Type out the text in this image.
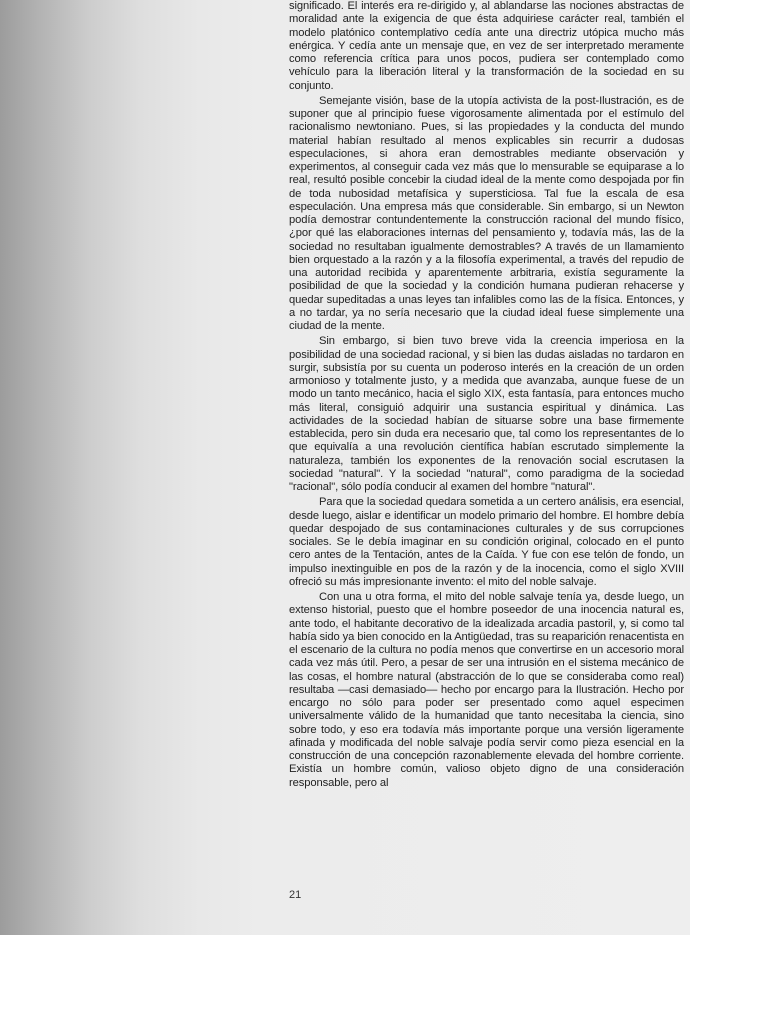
significado. El interés era re-dirigido y, al ablandarse las nociones abstractas de moralidad ante la exigencia de que ésta adquiriese carácter real, también el modelo platónico contemplativo cedía ante una directriz utópica mucho más enérgica. Y cedía ante un mensaje que, en vez de ser interpretado meramente como referencia crítica para unos pocos, pudiera ser contemplado como vehículo para la liberación literal y la transformación de la sociedad en su conjunto.

Semejante visión, base de la utopía activista de la post-Ilustración, es de suponer que al principio fuese vigorosamente alimentada por el estímulo del racionalismo newtoniano. Pues, si las propiedades y la conducta del mundo material habían resultado al menos explicables sin recurrir a dudosas especulaciones, si ahora eran demostrables mediante observación y experimentos, al conseguir cada vez más que lo mensurable se equiparase a lo real, resultó posible concebir la ciudad ideal de la mente como despojada por fin de toda nubosidad metafísica y supersticiosa. Tal fue la escala de esa especulación. Una empresa más que considerable. Sin embargo, si un Newton podía demostrar contundentemente la construcción racional del mundo físico, ¿por qué las elaboraciones internas del pensamiento y, todavía más, las de la sociedad no resultaban igualmente demostrables? A través de un llamamiento bien orquestado a la razón y a la filosofía experimental, a través del repudio de una autoridad recibida y aparentemente arbitraria, existía seguramente la posibilidad de que la sociedad y la condición humana pudieran rehacerse y quedar supeditadas a unas leyes tan infalibles como las de la física. Entonces, y a no tardar, ya no sería necesario que la ciudad ideal fuese simplemente una ciudad de la mente.

Sin embargo, si bien tuvo breve vida la creencia imperiosa en la posibilidad de una sociedad racional, y si bien las dudas aisladas no tardaron en surgir, subsistía por su cuenta un poderoso interés en la creación de un orden armonioso y totalmente justo, y a medida que avanzaba, aunque fuese de un modo un tanto mecánico, hacia el siglo XIX, esta fantasía, para entonces mucho más literal, consiguió adquirir una sustancia espiritual y dinámica. Las actividades de la sociedad habían de situarse sobre una base firmemente establecida, pero sin duda era necesario que, tal como los representantes de lo que equivalía a una revolución científica habían escrutado simplemente la naturaleza, también los exponentes de la renovación social escrutasen la sociedad "natural". Y la sociedad "natural", como paradigma de la sociedad "racional", sólo podía conducir al examen del hombre "natural".

Para que la sociedad quedara sometida a un certero análisis, era esencial, desde luego, aislar e identificar un modelo primario del hombre. El hombre debía quedar despojado de sus contaminaciones culturales y de sus corrupciones sociales. Se le debía imaginar en su condición original, colocado en el punto cero antes de la Tentación, antes de la Caída. Y fue con ese telón de fondo, un impulso inextinguible en pos de la razón y de la inocencia, como el siglo XVIII ofreció su más impresionante invento: el mito del noble salvaje.

Con una u otra forma, el mito del noble salvaje tenía ya, desde luego, un extenso historial, puesto que el hombre poseedor de una inocencia natural es, ante todo, el habitante decorativo de la idealizada arcadia pastoril, y, si como tal había sido ya bien conocido en la Antigüedad, tras su reaparición renacentista en el escenario de la cultura no podía menos que convertirse en un accesorio moral cada vez más útil. Pero, a pesar de ser una intrusión en el sistema mecánico de las cosas, el hombre natural (abstracción de lo que se consideraba como real) resultaba —casi demasiado— hecho por encargo para la Ilustración. Hecho por encargo no sólo para poder ser presentado como aquel especimen universalmente válido de la humanidad que tanto necesitaba la ciencia, sino sobre todo, y eso era todavía más importante porque una versión ligeramente afinada y modificada del noble salvaje podía servir como pieza esencial en la construcción de una concepción razonablemente elevada del hombre corriente. Existía un hombre común, valioso objeto digno de una consideración responsable, pero al

21
